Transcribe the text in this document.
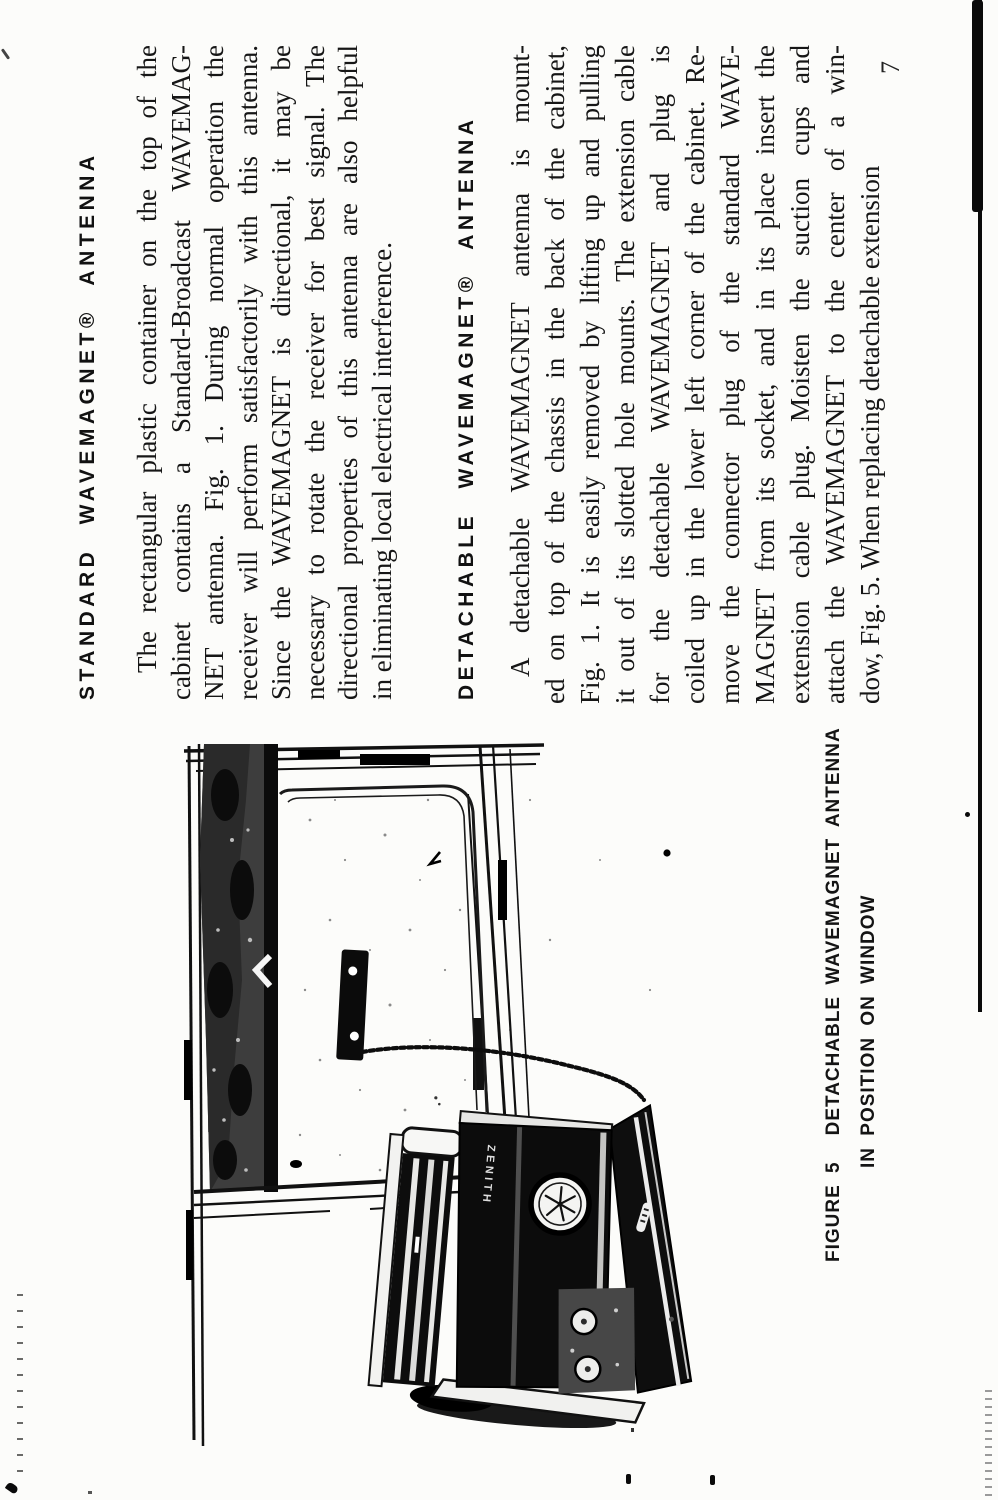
STANDARD WAVEMAGNET® ANTENNA The rectangular plastic container on the top of the cabinet contains a Standard-Broadcast WAVEMAG- NET antenna. Fig. 1. During normal operation the receiver will perform satisfactorily with this antenna. Since the WAVEMAGNET is directional, it may be necessary to rotate the receiver for best signal. The directional properties of this antenna are also helpful in eliminating local electrical interference.	DETACHABLE WAVEMAGNET® ANTENNA A detachable WAVEMAGNET antenna is mount- ed on top of the chassis in the back of the cabinet, Fig. 1. It is easily removed by lifting up and pulling it out of its slotted hole mounts. The extension cable for the detachable WAVEMAGNET and plug is coiled up in the lower left corner of the cabinet. Re- move the connector plug of the standard WAVE- MAGNET from its socket, and in its place insert the extension cable plug. Moisten the suction cups and attach the WAVEMAGNET to the center of a win- dow, Fig. 5. When replacing detachable extension
FIGURE 5DETACHABLE WAVEMAGNET ANTENNA IN POSITION ON WINDOW
7
ZENITH
